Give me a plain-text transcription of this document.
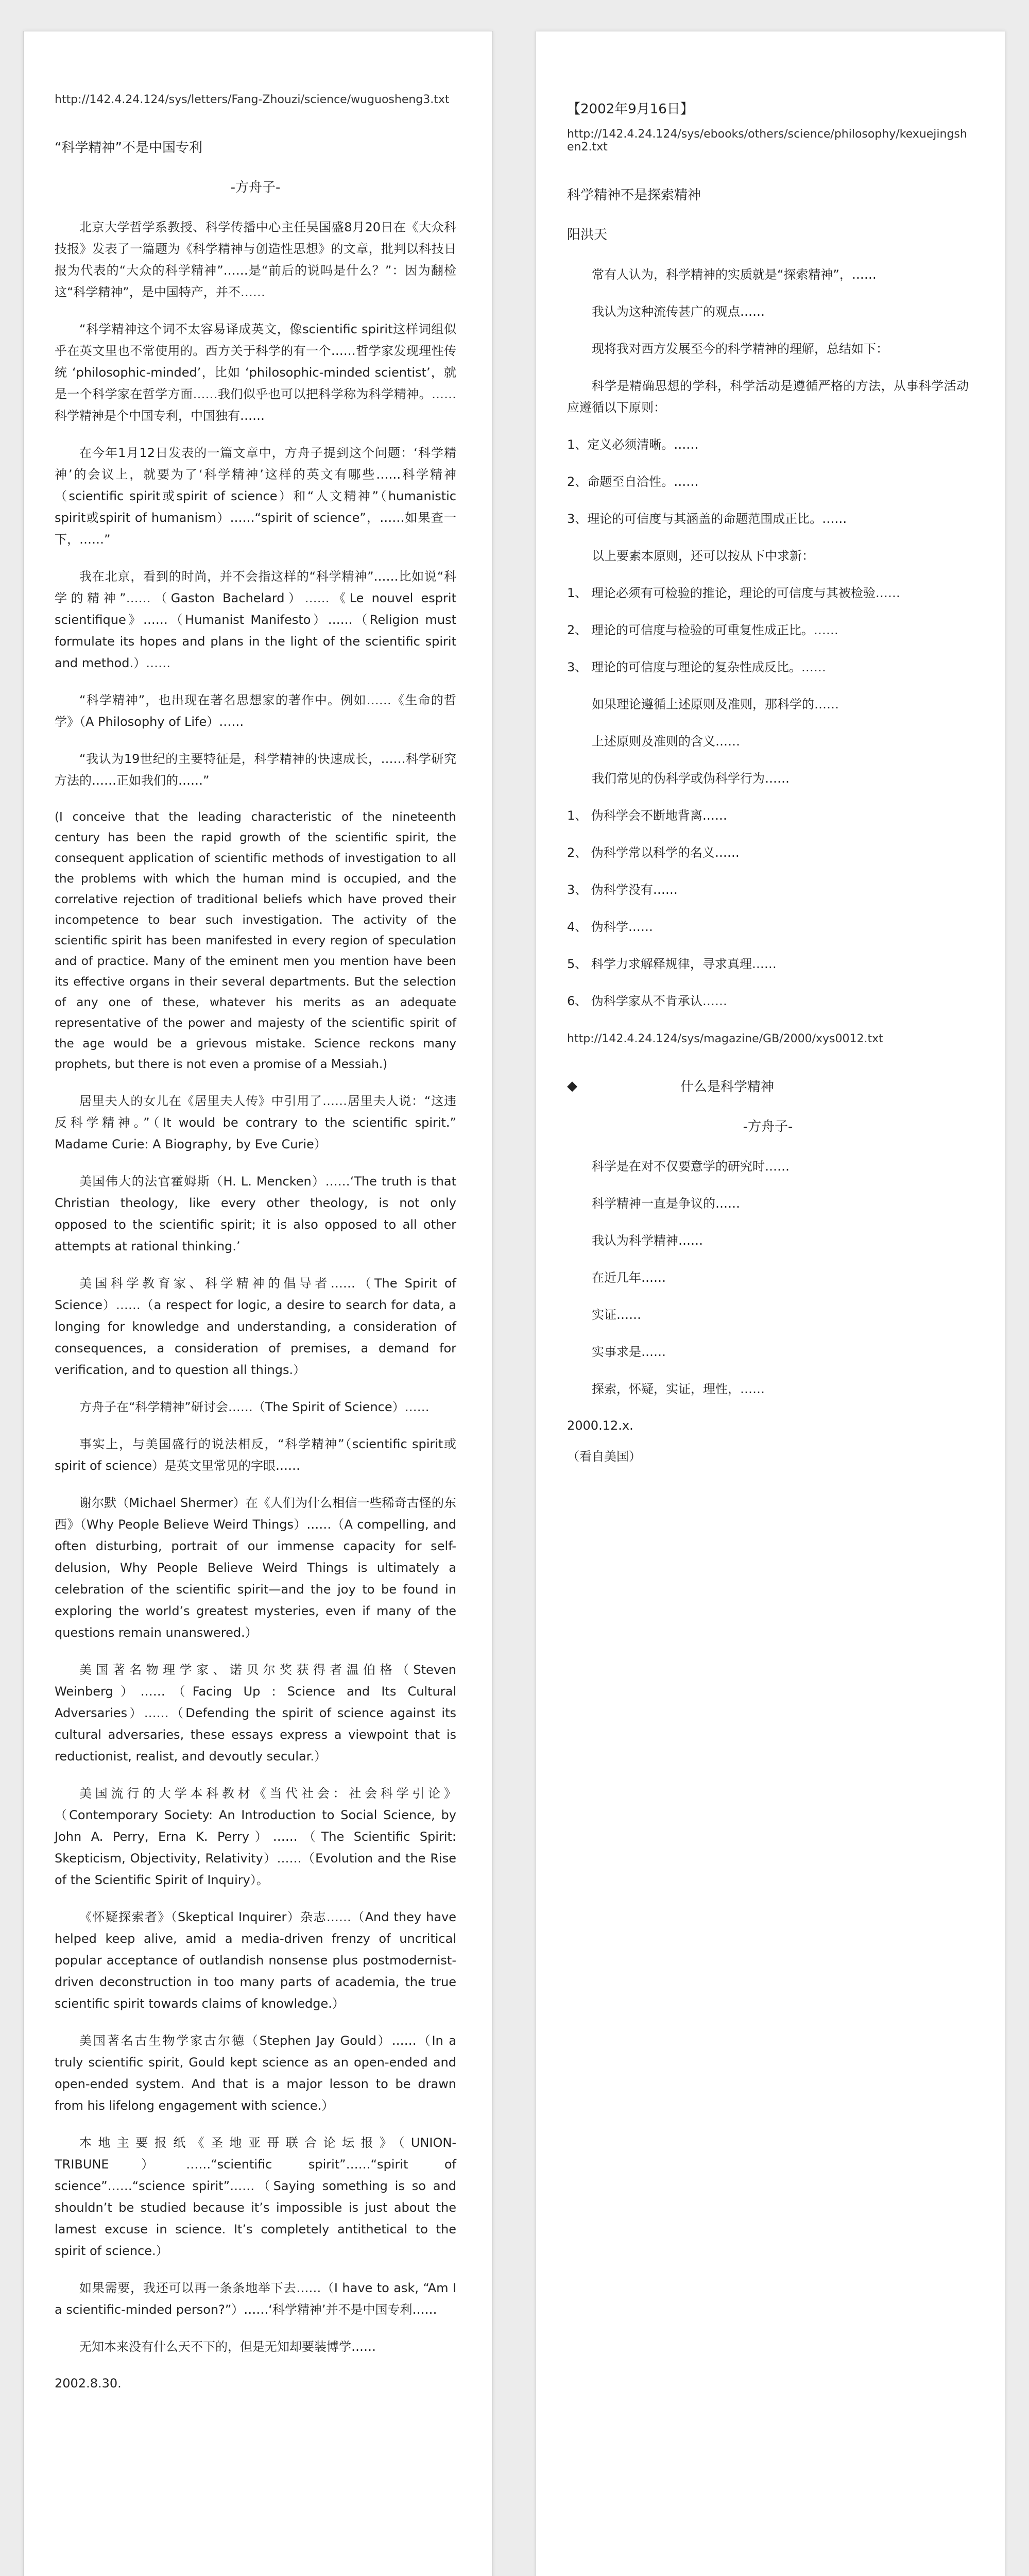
http://142.4.24.124/sys/letters/Fang-Zhouzi/science/wuguosheng3.txt

“科学精神”不是中国专利

-方舟子-

北京大学哲学系教授、科学传播中心主任吴国盛8月20日在《大众科技报》发表了一篇题为《科学精神与创造性思想》的文章，批判以科技日报为代表的“大众的科学精神”……是“前后的说吗是什么？”：因为翻检这“科学精神”，是中国特产，并不……

“科学精神这个词不太容易译成英文，像scientific spirit这样词组似乎在英文里也不常使用的。西方关于科学的有一个……哲学家发现理性传统 ‘philosophic-minded’，比如 ‘philosophic-minded scientist’，就是一个科学家在哲学方面……我们似乎也可以把科学称为科学精神。……科学精神是个中国专利，中国独有……

在今年1月12日发表的一篇文章中，方舟子提到这个问题：‘科学精神’的会议上，就要为了‘科学精神’这样的英文有哪些……科学精神（scientific spirit或spirit of science）和“人文精神”（humanistic spirit或spirit of humanism）……“spirit of science”，……如果查一下，……”

我在北京，看到的时尚，并不会指这样的“科学精神”……比如说“科学的精神”……（Gaston Bachelard）……《Le nouvel esprit scientifique》……（Humanist Manifesto）……（Religion must formulate its hopes and plans in the light of the scientific spirit and method.）……

“科学精神”，也出现在著名思想家的著作中。例如……《生命的哲学》（A Philosophy of Life）……

“我认为19世纪的主要特征是，科学精神的快速成长，……科学研究方法的……正如我们的……”

(I conceive that the leading characteristic of the nineteenth century has been the rapid growth of the scientific spirit, the consequent application of scientific methods of investigation to all the problems with which the human mind is occupied, and the correlative rejection of traditional beliefs which have proved their incompetence to bear such investigation. The activity of the scientific spirit has been manifested in every region of speculation and of practice. Many of the eminent men you mention have been its effective organs in their several departments. But the selection of any one of these, whatever his merits as an adequate representative of the power and majesty of the scientific spirit of the age would be a grievous mistake. Science reckons many prophets, but there is not even a promise of a Messiah.)

居里夫人的女儿在《居里夫人传》中引用了……居里夫人说：“这违反科学精神。”（It would be contrary to the scientific spirit.” Madame Curie: A Biography, by Eve Curie）

美国伟大的法官霍姆斯（H. L. Mencken）……‘The truth is that Christian theology, like every other theology, is not only opposed to the scientific spirit; it is also opposed to all other attempts at rational thinking.’

美国科学教育家、科学精神的倡导者……（The Spirit of Science）……（a respect for logic, a desire to search for data, a longing for knowledge and understanding, a consideration of consequences, a consideration of premises, a demand for verification, and to question all things.）

方舟子在“科学精神”研讨会……（The Spirit of Science）……

事实上，与美国盛行的说法相反，“科学精神”（scientific spirit或spirit of science）是英文里常见的字眼……

谢尔默（Michael Shermer）在《人们为什么相信一些稀奇古怪的东西》（Why People Believe Weird Things）……（A compelling, and often disturbing, portrait of our immense capacity for self-delusion, Why People Believe Weird Things is ultimately a celebration of the scientific spirit—and the joy to be found in exploring the world’s greatest mysteries, even if many of the questions remain unanswered.）

美国著名物理学家、诺贝尔奖获得者温伯格（Steven Weinberg）……（Facing Up : Science and Its Cultural Adversaries）……（Defending the spirit of science against its cultural adversaries, these essays express a viewpoint that is reductionist, realist, and devoutly secular.）

美国流行的大学本科教材《当代社会：社会科学引论》（Contemporary Society: An Introduction to Social Science, by John A. Perry, Erna K. Perry）……（The Scientific Spirit: Skepticism, Objectivity, Relativity）……（Evolution and the Rise of the Scientific Spirit of Inquiry）。

《怀疑探索者》（Skeptical Inquirer）杂志……（And they have helped keep alive, amid a media-driven frenzy of uncritical popular acceptance of outlandish nonsense plus postmodernist-driven deconstruction in too many parts of academia, the true scientific spirit towards claims of knowledge.）

美国著名古生物学家古尔德（Stephen Jay Gould）……（In a truly scientific spirit, Gould kept science as an open-ended and open-ended system. And that is a major lesson to be drawn from his lifelong engagement with science.）

本地主要报纸《圣地亚哥联合论坛报》（UNION-TRIBUNE）……“scientific spirit”……“spirit of science”……“science spirit”……（Saying something is so and shouldn’t be studied because it’s impossible is just about the lamest excuse in science. It’s completely antithetical to the spirit of science.）

如果需要，我还可以再一条条地举下去……（I have to ask, “Am I a scientific-minded person?”）……‘科学精神’并不是中国专利……

无知本来没有什么天不下的，但是无知却要装博学……

2002.8.30.

【2002年9月16日】

http://142.4.24.124/sys/ebooks/others/science/philosophy/kexuejingshen2.txt

科学精神不是探索精神

阳洪天

常有人认为，科学精神的实质就是“探索精神”，……

我认为这种流传甚广的观点……

现将我对西方发展至今的科学精神的理解，总结如下：

科学是精确思想的学科，科学活动是遵循严格的方法，从事科学活动应遵循以下原则：

1、定义必须清晰。……

2、命题至自洽性。……

3、理论的可信度与其涵盖的命题范围成正比。……

以上要素本原则，还可以按从下中求新：

1、 理论必须有可检验的推论，理论的可信度与其被检验……

2、 理论的可信度与检验的可重复性成正比。……

3、 理论的可信度与理论的复杂性成反比。……

如果理论遵循上述原则及准则，那科学的……

上述原则及准则的含义……

我们常见的伪科学或伪科学行为……

1、 伪科学会不断地背离……

2、 伪科学常以科学的名义……

3、 伪科学没有……

4、 伪科学……

5、 科学力求解释规律，寻求真理……

6、 伪科学家从不肯承认……

http://142.4.24.124/sys/magazine/GB/2000/xys0012.txt

◆	什么是科学精神

-方舟子-

科学是在对不仅要意学的研究时……

科学精神一直是争议的……

我认为科学精神……

在近几年……

实证……

实事求是……

探索，怀疑，实证，理性，……

2000.12.x.

（看自美国）
